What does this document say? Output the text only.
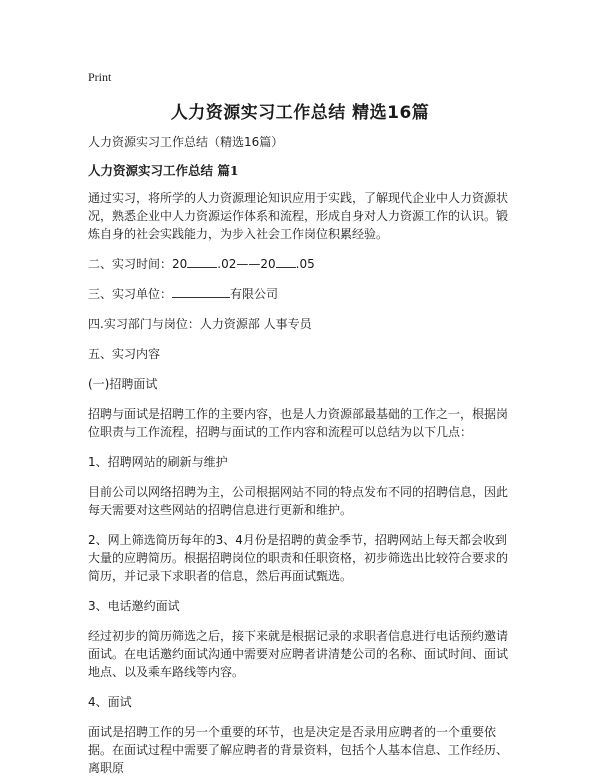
Print
人力资源实习工作总结 精选16篇

人力资源实习工作总结（精选16篇）

人力资源实习工作总结 篇1

通过实习，将所学的人力资源理论知识应用于实践，了解现代企业中人力资源状况，熟悉企业中人力资源运作体系和流程，形成自身对人力资源工作的认识。锻炼自身的社会实践能力，为步入社会工作岗位积累经验。

二、实习时间：20	.02——20 .05

三、实习单位：	有限公司

四.实习部门与岗位：人力资源部 人事专员

五、实习内容

(一)招聘面试

招聘与面试是招聘工作的主要内容，也是人力资源部最基础的工作之一，根据岗位职责与工作流程，招聘与面试的工作内容和流程可以总结为以下几点：

1、招聘网站的刷新与维护

目前公司以网络招聘为主，公司根据网站不同的特点发布不同的招聘信息，因此每天需要对这些网站的招聘信息进行更新和维护。

2、网上筛选简历每年的3、4月份是招聘的黄金季节，招聘网站上每天都会收到大量的应聘简历。根据招聘岗位的职责和任职资格，初步筛选出比较符合要求的简历，并记录下求职者的信息，然后再面试甄选。

3、电话邀约面试

经过初步的简历筛选之后，接下来就是根据记录的求职者信息进行电话预约邀请面试。在电话邀约面试沟通中需要对应聘者讲清楚公司的名称、面试时间、面试地点、以及乘车路线等内容。

4、面试

面试是招聘工作的另一个重要的环节，也是决定是否录用应聘者的一个重要依据。在面试过程中需要了解应聘者的背景资料，包括个人基本信息、工作经历、离职原
